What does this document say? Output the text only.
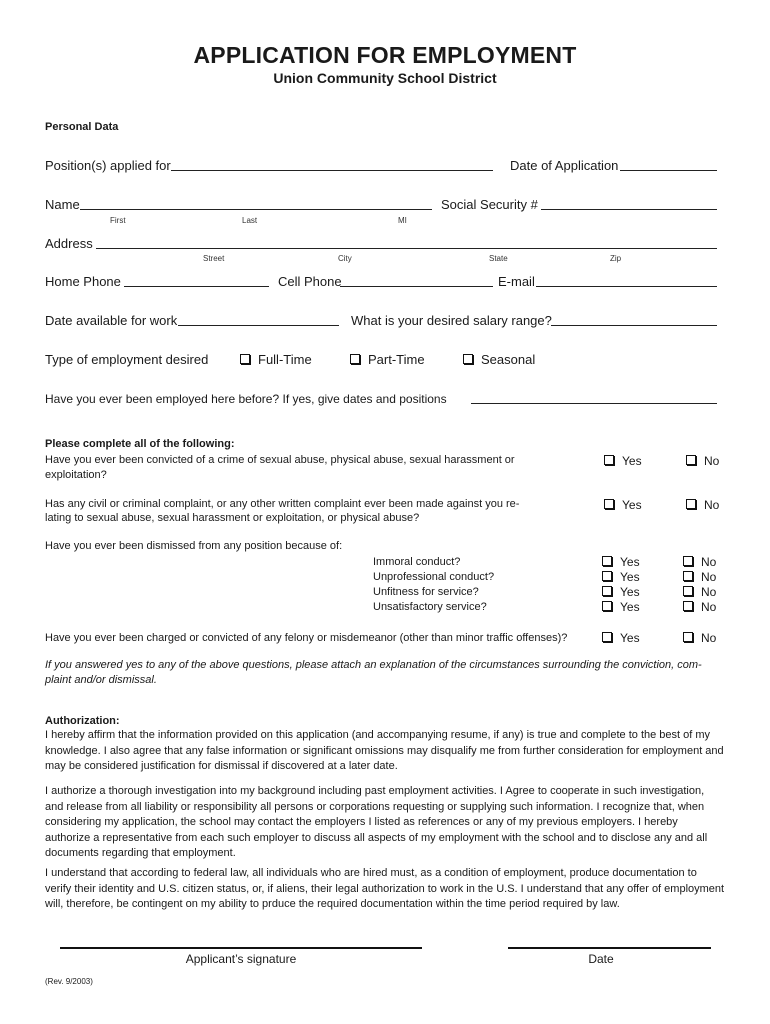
APPLICATION FOR EMPLOYMENT
Union Community School District
Personal Data
Position(s) applied for	Date of Application
Name
First	Last	MI
Social Security #
Address
Street	City	State	Zip
Home Phone	Cell Phone	E-mail
Date available for work	What is your desired salary range?
Type of employment desired	Full-Time	Part-Time	Seasonal
Have you ever been employed here before? If yes, give dates and positions
Please complete all of the following:
Have you ever been convicted of a crime of sexual abuse, physical abuse, sexual harassment or
exploitation?
Yes	No
Has any civil or criminal complaint, or any other written complaint ever been made against you re-
lating to sexual abuse, sexual harassment or exploitation, or physical abuse?
Yes	No
Have you ever been dismissed from any position because of:
Immoral conduct?	Yes	No
Unprofessional conduct?	Yes	No
Unfitness for service?	Yes	No
Unsatisfactory service?	Yes	No
Have you ever been charged or convicted of any felony or misdemeanor (other than minor traffic offenses)?	Yes	No
If you answered yes to any of the above questions, please attach an explanation of the circumstances surrounding the conviction, com-
plaint and/or dismissal.
Authorization:
I hereby affirm that the information provided on this application (and accompanying resume, if any) is true and complete to the best of my knowledge. I also agree that any false information or significant omissions may disqualify me from further consideration for employment and may be considered justification for dismissal if discovered at a later date.
I authorize a thorough investigation into my background including past employment activities. I Agree to cooperate in such investigation, and release from all liability or responsibility all persons or corporations requesting or supplying such information. I recognize that, when considering my application, the school may contact the employers I listed as references or any of my previous employers. I hereby authorize a representative from each such employer to discuss all aspects of my employment with the school and to disclose any and all documents regarding that employment.
I understand that according to federal law, all individuals who are hired must, as a condition of employment, produce documentation to verify their identity and U.S. citizen status, or, if aliens, their legal authorization to work in the U.S. I understand that any offer of employment will, therefore, be contingent on my ability to prduce the required documentation within the time period required by law.
Applicant’s signature	Date
(Rev. 9/2003)
